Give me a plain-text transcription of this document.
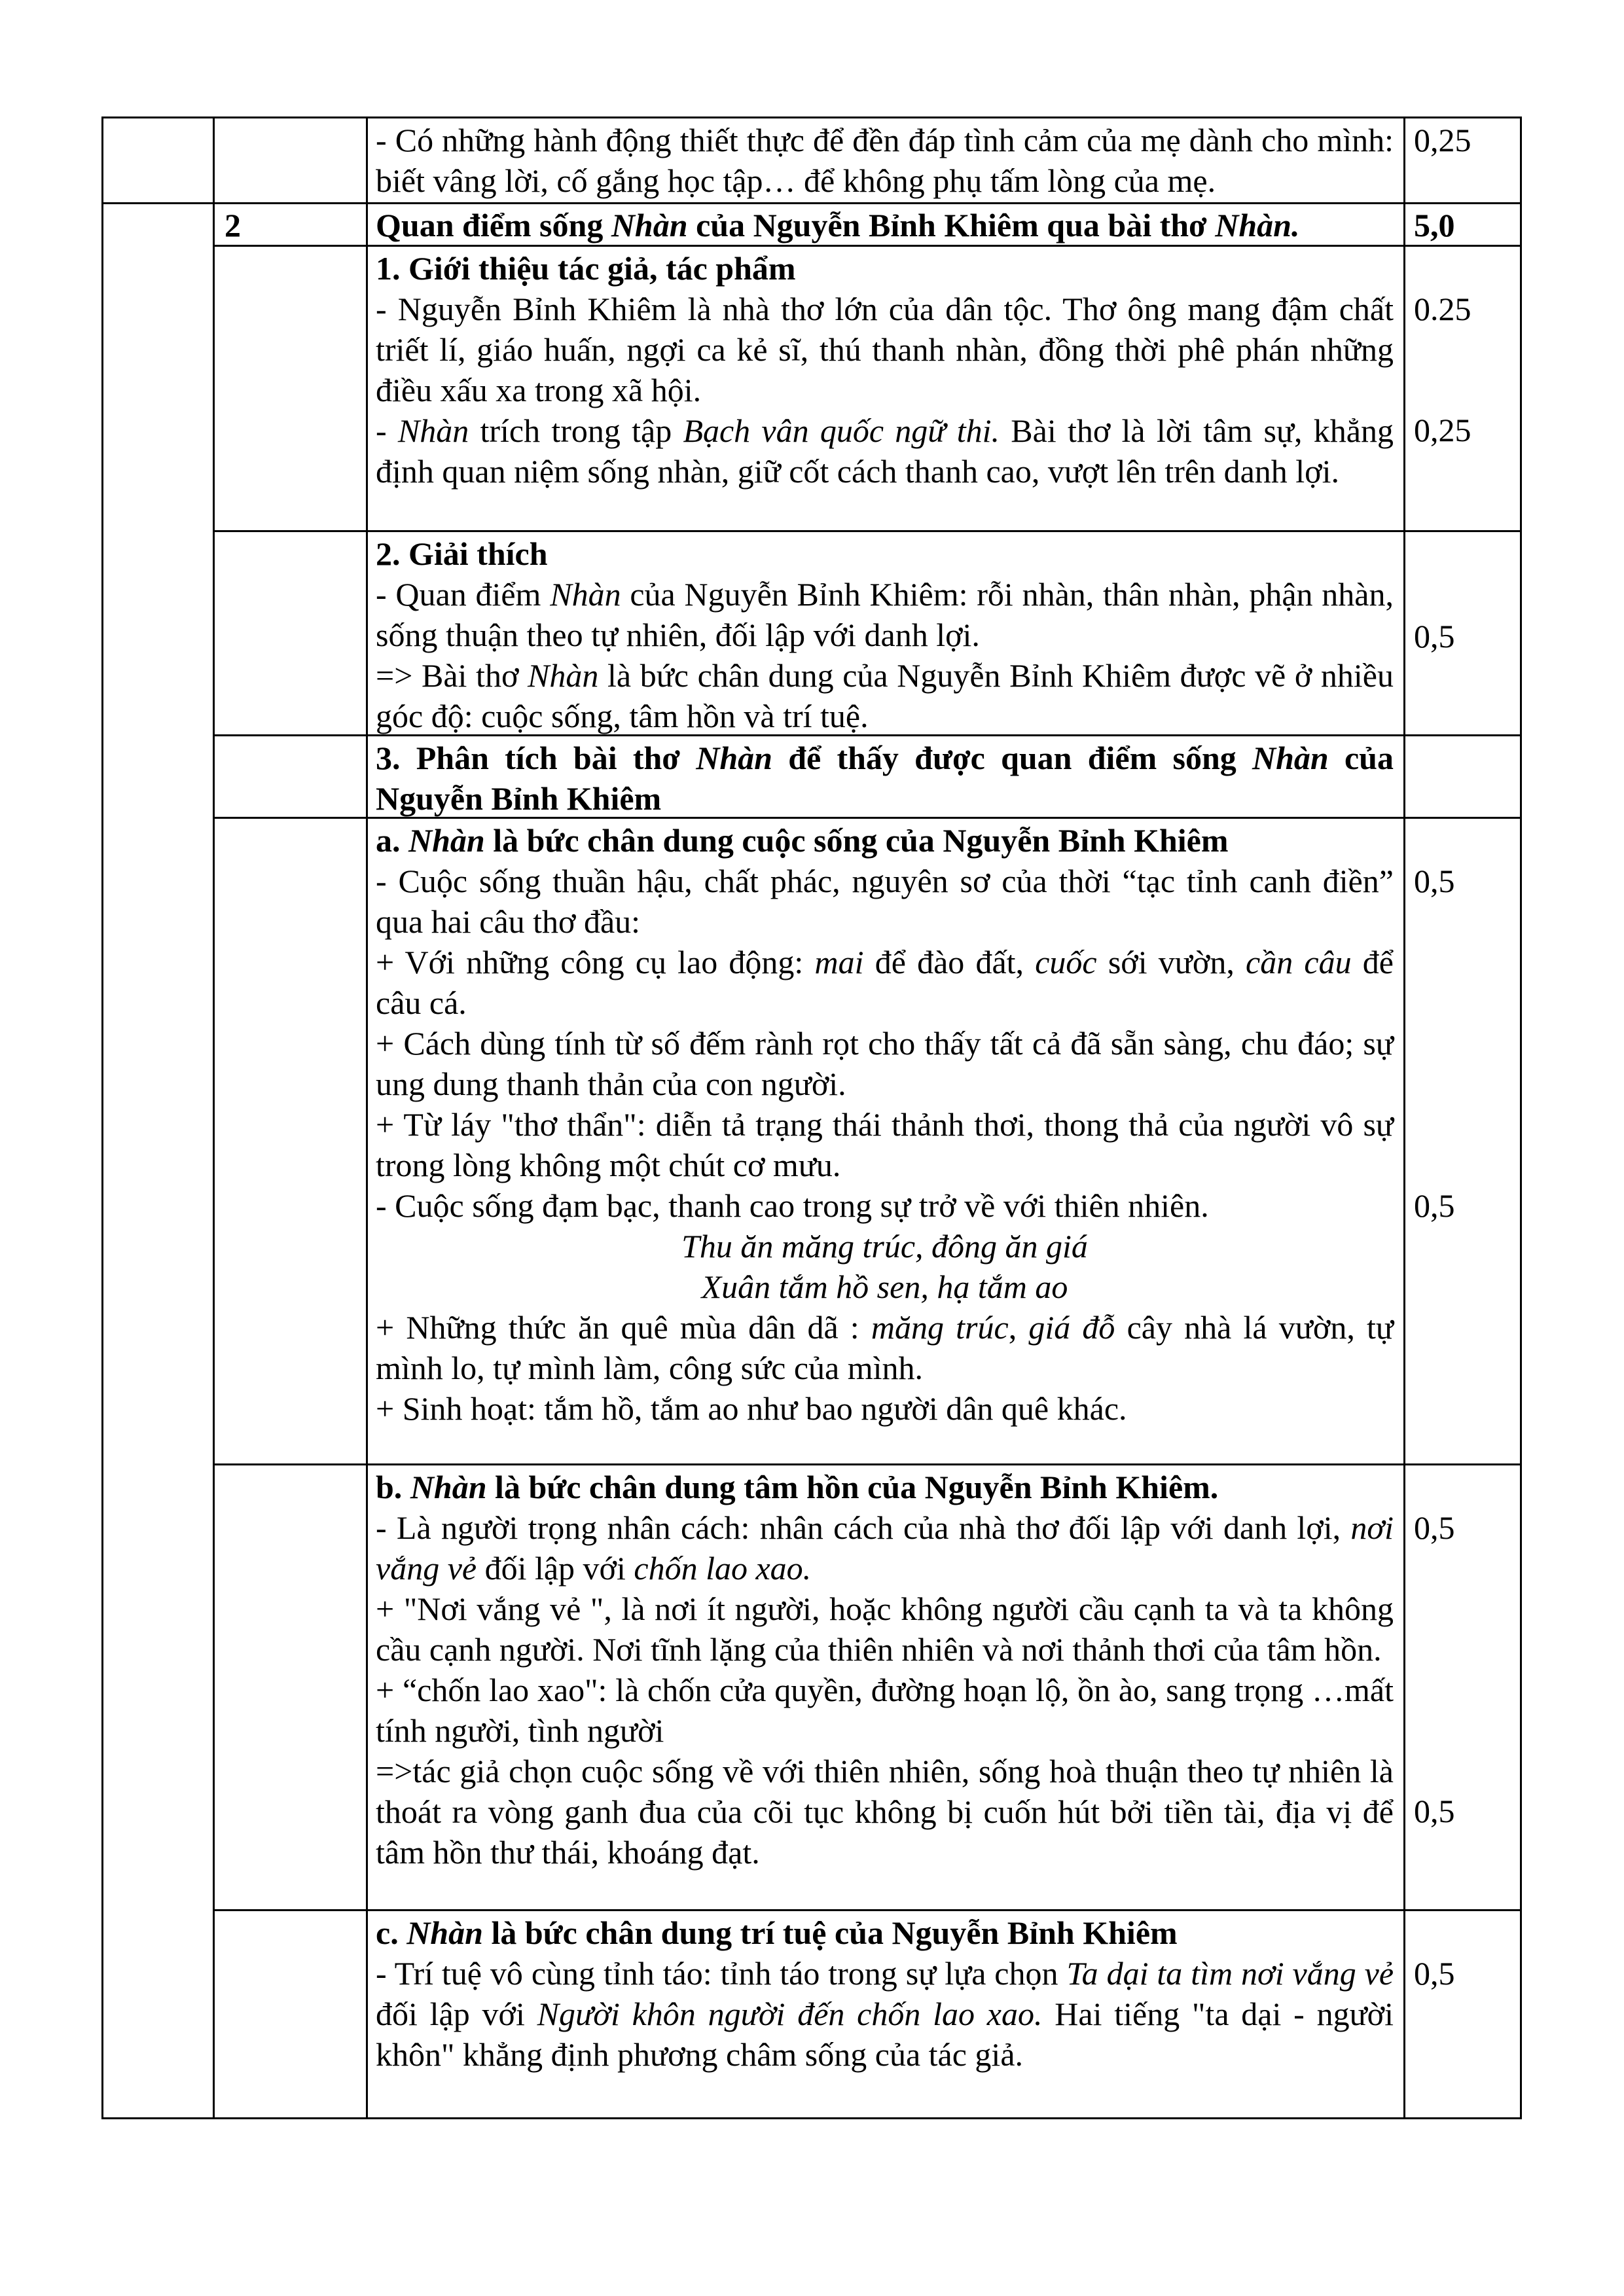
- Có những hành động thiết thực để đền đáp tình cảm của mẹ dành cho mình: biết vâng lời, cố gắng học tập… để không phụ tấm lòng của mẹ.

0,25
2	Quan điểm sống Nhàn của Nguyễn Bỉnh Khiêm qua bài thơ Nhàn.	5,0

1. Giới thiệu tác giả, tác phẩm

- Nguyễn Bỉnh Khiêm là nhà thơ lớn của dân tộc. Thơ ông mang đậm chất triết lí, giáo huấn, ngợi ca kẻ sĩ, thú thanh nhàn, đồng thời phê phán những điều xấu xa trong xã hội.

- Nhàn trích trong tập Bạch vân quốc ngữ thi. Bài thơ là lời tâm sự, khẳng định quan niệm sống nhàn, giữ cốt cách thanh cao, vượt lên trên danh lợi.

0.25
0,25

2. Giải thích

- Quan điểm Nhàn của Nguyễn Bỉnh Khiêm: rỗi nhàn, thân nhàn, phận nhàn, sống thuận theo tự nhiên, đối lập với danh lợi.

=> Bài thơ Nhàn là bức chân dung của Nguyễn Bỉnh Khiêm được vẽ ở nhiều góc độ: cuộc sống, tâm hồn và trí tuệ.

0,5
3. Phân tích bài thơ Nhàn để thấy được quan điểm sống Nhàn của Nguyễn Bỉnh Khiêm

a. Nhàn là bức chân dung cuộc sống của Nguyễn Bỉnh Khiêm

- Cuộc sống thuần hậu, chất phác, nguyên sơ của thời “tạc tỉnh canh điền” qua hai câu thơ đầu:

+ Với những công cụ lao động: mai để đào đất, cuốc sới vườn, cần câu để câu cá.

+ Cách dùng tính từ số đếm rành rọt cho thấy tất cả đã sẵn sàng, chu đáo; sự ung dung thanh thản của con người.

+ Từ láy "thơ thẩn": diễn tả trạng thái thảnh thơi, thong thả của người vô sự trong lòng không một chút cơ mưu.

- Cuộc sống đạm bạc, thanh cao trong sự trở về với thiên nhiên.

Thu ăn măng trúc, đông ăn giá

Xuân tắm hồ sen, hạ tắm ao

+ Những thức ăn quê mùa dân dã : măng trúc, giá đỗ cây nhà lá vườn, tự mình lo, tự mình làm, công sức của mình.

+ Sinh hoạt: tắm hồ, tắm ao như bao người dân quê khác.

0,5
0,5

b. Nhàn là bức chân dung tâm hồn của Nguyễn Bỉnh Khiêm.

- Là người trọng nhân cách: nhân cách của nhà thơ đối lập với danh lợi, nơi vắng vẻ đối lập với chốn lao xao.

+ "Nơi vắng vẻ ", là nơi ít người, hoặc không người cầu cạnh ta và ta không cầu cạnh người. Nơi tĩnh lặng của thiên nhiên và nơi thảnh thơi của tâm hồn.

+ “chốn lao xao": là chốn cửa quyền, đường hoạn lộ, ồn ào, sang trọng …mất tính người, tình người

=>tác giả chọn cuộc sống về với thiên nhiên, sống hoà thuận theo tự nhiên là thoát ra vòng ganh đua của cõi tục không bị cuốn hút bởi tiền tài, địa vị để tâm hồn thư thái, khoáng đạt.

0,5
0,5

c. Nhàn là bức chân dung trí tuệ của Nguyễn Bỉnh Khiêm

- Trí tuệ vô cùng tỉnh táo: tỉnh táo trong sự lựa chọn Ta dại ta tìm nơi vắng vẻ đối lập với Người khôn người đến chốn lao xao. Hai tiếng "ta dại - người khôn" khẳng định phương châm sống của tác giả.

0,5
